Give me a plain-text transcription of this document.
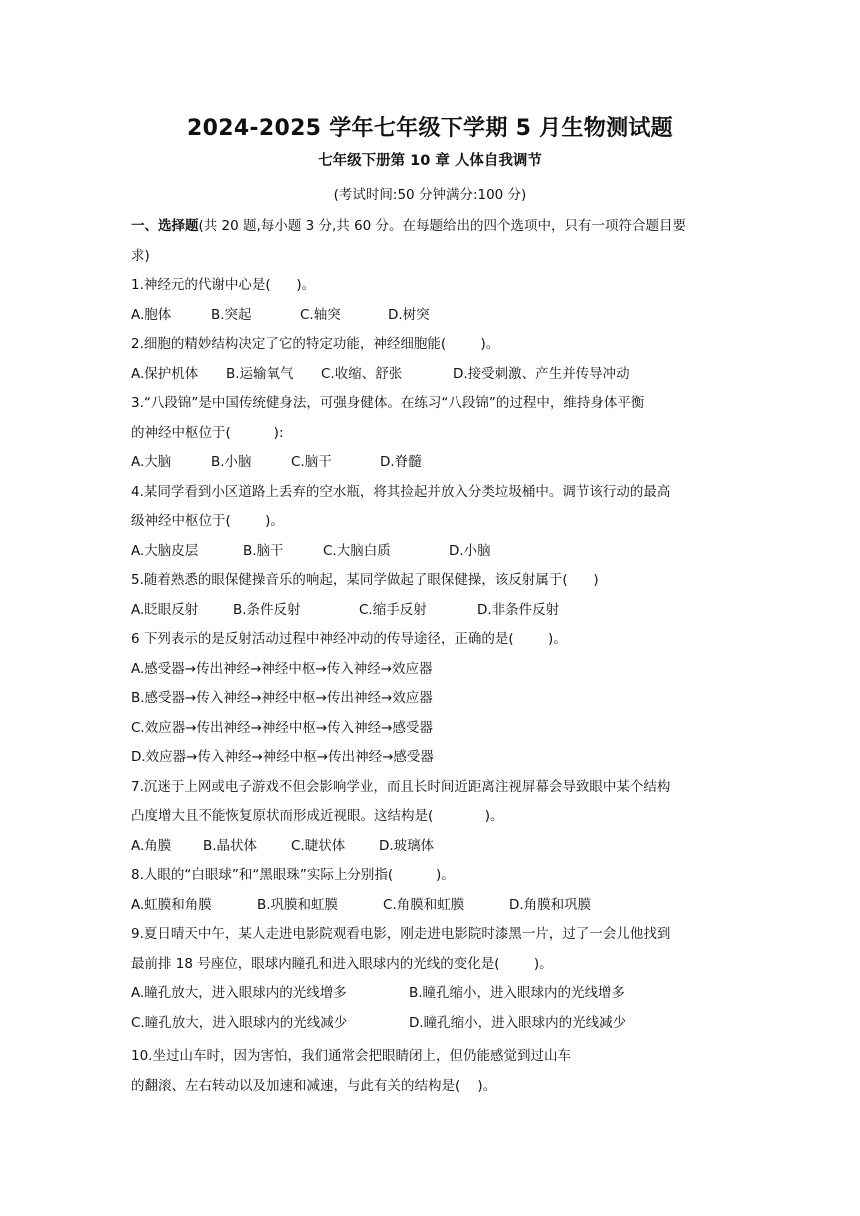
2024-2025 学年七年级下学期 5 月生物测试题
七年级下册第 10 章 人体自我调节
(考试时间:50 分钟满分:100 分)
一、选择题(共 20 题,每小题 3 分,共 60 分。在每题给出的四个选项中，只有一项符合题目要
求)
1.神经元的代谢中心是(      )。
A.胞体	B.突起	C.轴突	D.树突
2.细胞的精妙结构决定了它的特定功能，神经细胞能(        )。
A.保护机体	B.运输氧气	C.收缩、舒张	D.接受刺激、产生并传导冲动
3.“八段锦”是中国传统健身法，可强身健体。在练习“八段锦”的过程中，维持身体平衡
的神经中枢位于(          ):
A.大脑	B.小脑	C.脑干	D.脊髓
4.某同学看到小区道路上丢弃的空水瓶，将其捡起并放入分类垃圾桶中。调节该行动的最高
级神经中枢位于(        )。
A.大脑皮层	B.脑干	C.大脑白质	D.小脑
5.随着熟悉的眼保健操音乐的响起，某同学做起了眼保健操，该反射属于(      )
A.眨眼反射	B.条件反射	C.缩手反射	D.非条件反射
6 下列表示的是反射活动过程中神经冲动的传导途径，正确的是(        )。
A.感受器→传出神经→神经中枢→传入神经→效应器
B.感受器→传入神经→神经中枢→传出神经→效应器
C.效应器→传出神经→神经中枢→传入神经→感受器
D.效应器→传入神经→神经中枢→传出神经→感受器
7.沉迷于上网或电子游戏不但会影响学业，而且长时间近距离注视屏幕会导致眼中某个结构
凸度增大且不能恢复原状而形成近视眼。这结构是(            )。
A.角膜	B.晶状体	C.睫状体	D.玻璃体
8.人眼的“白眼球”和“黑眼珠”实际上分别指(          )。
A.虹膜和角膜	B.巩膜和虹膜	C.角膜和虹膜	D.角膜和巩膜
9.夏日晴天中午，某人走进电影院观看电影，刚走进电影院时漆黑一片，过了一会儿他找到
最前排 18 号座位，眼球内瞳孔和进入眼球内的光线的变化是(        )。
A.瞳孔放大，进入眼球内的光线增多	B.瞳孔缩小，进入眼球内的光线增多
C.瞳孔放大，进入眼球内的光线减少	D.瞳孔缩小，进入眼球内的光线减少
10.坐过山车时，因为害怕，我们通常会把眼睛闭上，但仍能感觉到过山车
的翻滚、左右转动以及加速和减速，与此有关的结构是(    )。
